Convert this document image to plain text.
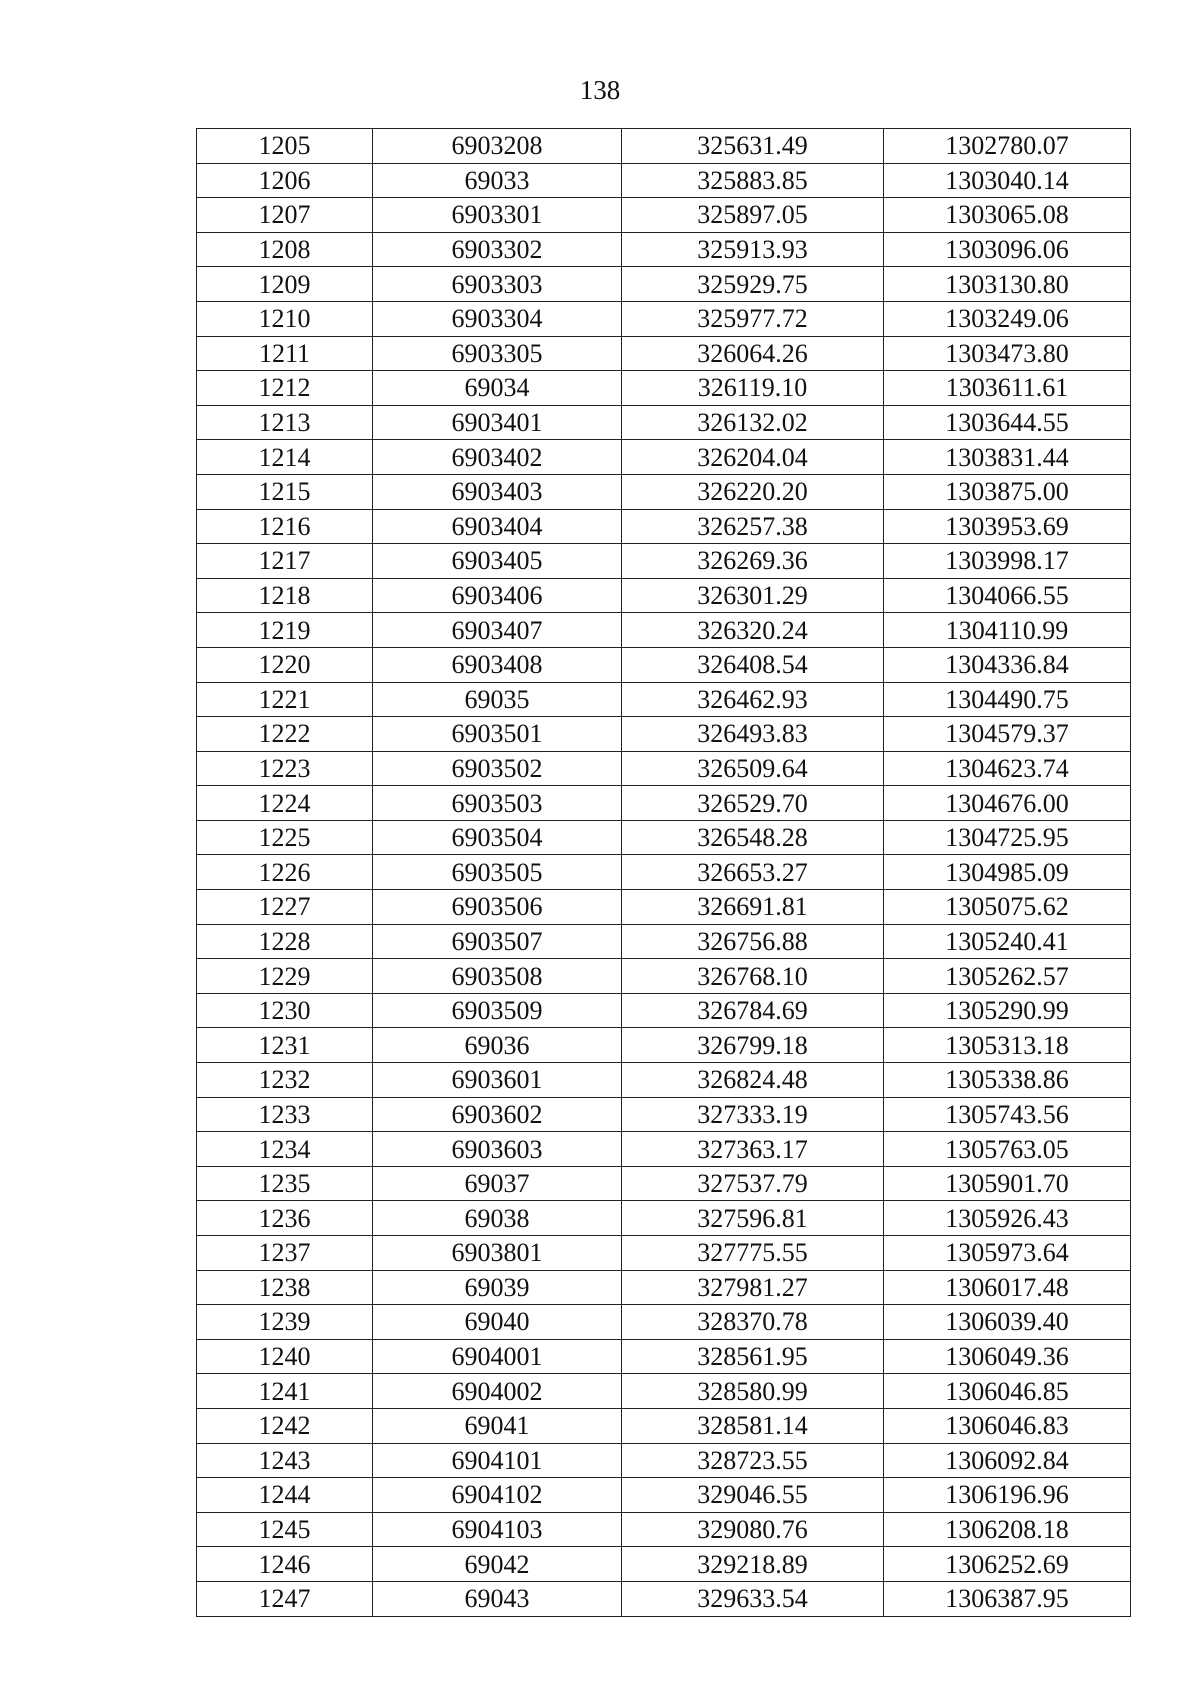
138
1205	6903208	325631.49	1302780.07
1206	69033	325883.85	1303040.14
1207	6903301	325897.05	1303065.08
1208	6903302	325913.93	1303096.06
1209	6903303	325929.75	1303130.80
1210	6903304	325977.72	1303249.06
1211	6903305	326064.26	1303473.80
1212	69034	326119.10	1303611.61
1213	6903401	326132.02	1303644.55
1214	6903402	326204.04	1303831.44
1215	6903403	326220.20	1303875.00
1216	6903404	326257.38	1303953.69
1217	6903405	326269.36	1303998.17
1218	6903406	326301.29	1304066.55
1219	6903407	326320.24	1304110.99
1220	6903408	326408.54	1304336.84
1221	69035	326462.93	1304490.75
1222	6903501	326493.83	1304579.37
1223	6903502	326509.64	1304623.74
1224	6903503	326529.70	1304676.00
1225	6903504	326548.28	1304725.95
1226	6903505	326653.27	1304985.09
1227	6903506	326691.81	1305075.62
1228	6903507	326756.88	1305240.41
1229	6903508	326768.10	1305262.57
1230	6903509	326784.69	1305290.99
1231	69036	326799.18	1305313.18
1232	6903601	326824.48	1305338.86
1233	6903602	327333.19	1305743.56
1234	6903603	327363.17	1305763.05
1235	69037	327537.79	1305901.70
1236	69038	327596.81	1305926.43
1237	6903801	327775.55	1305973.64
1238	69039	327981.27	1306017.48
1239	69040	328370.78	1306039.40
1240	6904001	328561.95	1306049.36
1241	6904002	328580.99	1306046.85
1242	69041	328581.14	1306046.83
1243	6904101	328723.55	1306092.84
1244	6904102	329046.55	1306196.96
1245	6904103	329080.76	1306208.18
1246	69042	329218.89	1306252.69
1247	69043	329633.54	1306387.95
